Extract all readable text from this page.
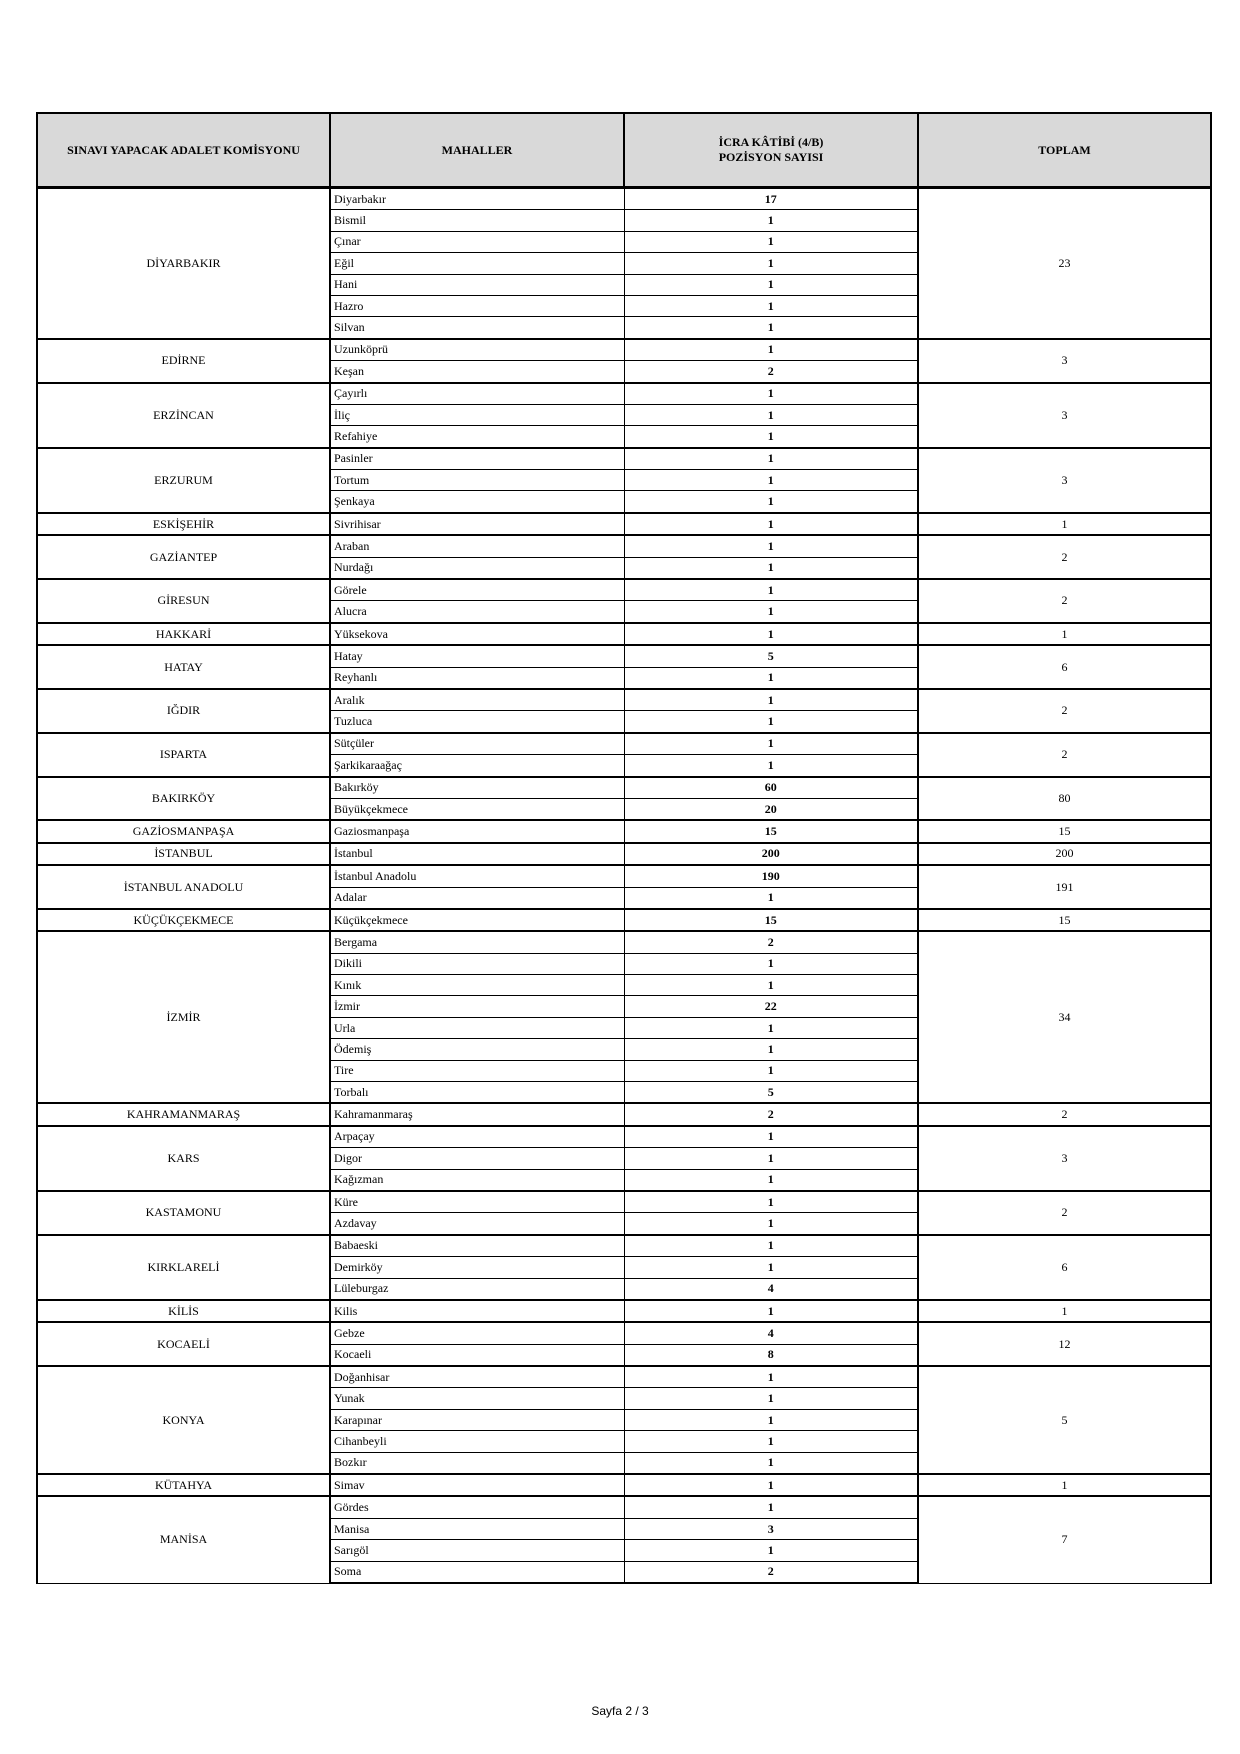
SINAVI YAPACAK ADALET KOMİSYONU	MAHALLER	İCRA KÂTİBİ (4/B)
POZİSYON SAYISI	TOPLAM
DİYARBAKIR	Diyarbakır	17	23
	Bismil	1	
	Çınar	1	
	Eğil	1	
	Hani	1	
	Hazro	1	
	Silvan	1	
EDİRNE	Uzunköprü	1	3
	Keşan	2	
ERZİNCAN	Çayırlı	1	3
	İliç	1	
	Refahiye	1	
ERZURUM	Pasinler	1	3
	Tortum	1	
	Şenkaya	1	
ESKİŞEHİR	Sivrihisar	1	1
GAZİANTEP	Araban	1	2
	Nurdağı	1	
GİRESUN	Görele	1	2
	Alucra	1	
HAKKARİ	Yüksekova	1	1
HATAY	Hatay	5	6
	Reyhanlı	1	
IĞDIR	Aralık	1	2
	Tuzluca	1	
ISPARTA	Sütçüler	1	2
	Şarkikaraağaç	1	
BAKIRKÖY	Bakırköy	60	80
	Büyükçekmece	20	
GAZİOSMANPAŞA	Gaziosmanpaşa	15	15
İSTANBUL	İstanbul	200	200
İSTANBUL ANADOLU	İstanbul Anadolu	190	191
	Adalar	1	
KÜÇÜKÇEKMECE	Küçükçekmece	15	15
İZMİR	Bergama	2	34
	Dikili	1	
	Kınık	1	
	İzmir	22	
	Urla	1	
	Ödemiş	1	
	Tire	1	
	Torbalı	5	
KAHRAMANMARAŞ	Kahramanmaraş	2	2
KARS	Arpaçay	1	3
	Digor	1	
	Kağızman	1	
KASTAMONU	Küre	1	2
	Azdavay	1	
KIRKLARELİ	Babaeski	1	6
	Demirköy	1	
	Lüleburgaz	4	
KİLİS	Kilis	1	1
KOCAELİ	Gebze	4	12
	Kocaeli	8	
KONYA	Doğanhisar	1	5
	Yunak	1	
	Karapınar	1	
	Cihanbeyli	1	
	Bozkır	1	
KÜTAHYA	Simav	1	1
MANİSA	Gördes	1	7
	Manisa	3	
	Sarıgöl	1	
	Soma	2	
Sayfa 2 / 3
